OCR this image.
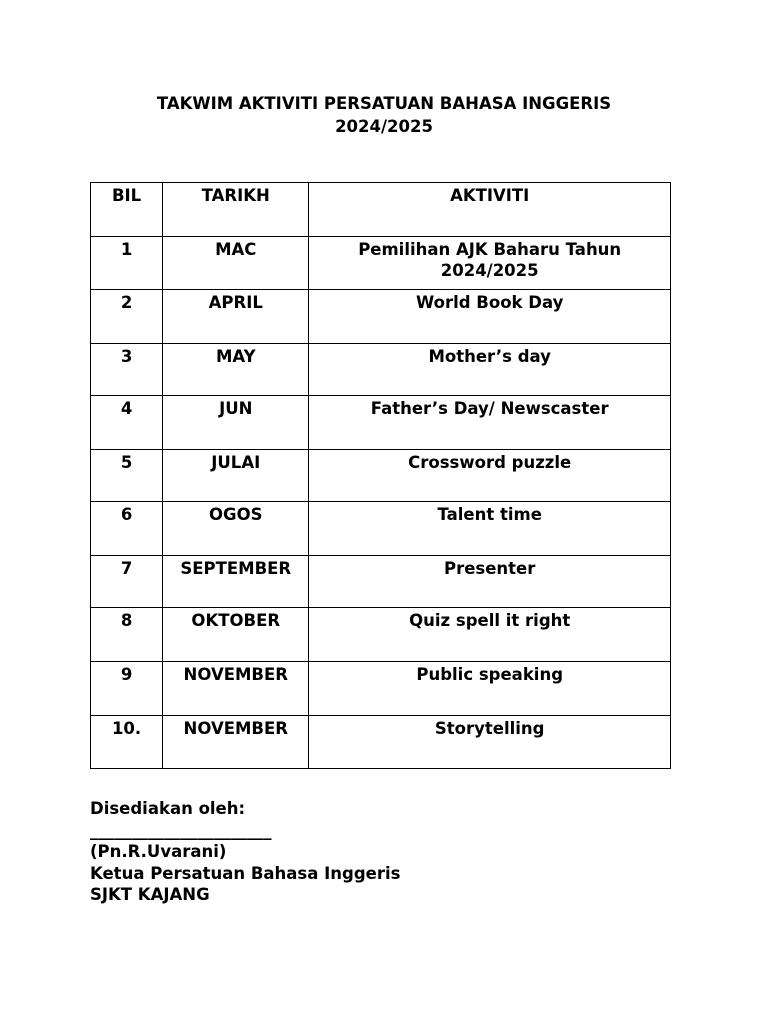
TAKWIM AKTIVITI PERSATUAN BAHASA INGGERIS
2024/2025
BIL	TARIKH	AKTIVITI
1	MAC	Pemilihan AJK Baharu Tahun
2024/2025

2	APRIL	World Book Day
3	MAY	Mother’s day
4	JUN	Father’s Day/ Newscaster
5	JULAI	Crossword puzzle
6	OGOS	Talent time
7	SEPTEMBER	Presenter
8	OKTOBER	Quiz spell it right
9	NOVEMBER	Public speaking
10.	NOVEMBER	Storytelling
Disediakan oleh:
______________________
(Pn.R.Uvarani)
Ketua Persatuan Bahasa Inggeris
SJKT KAJANG
